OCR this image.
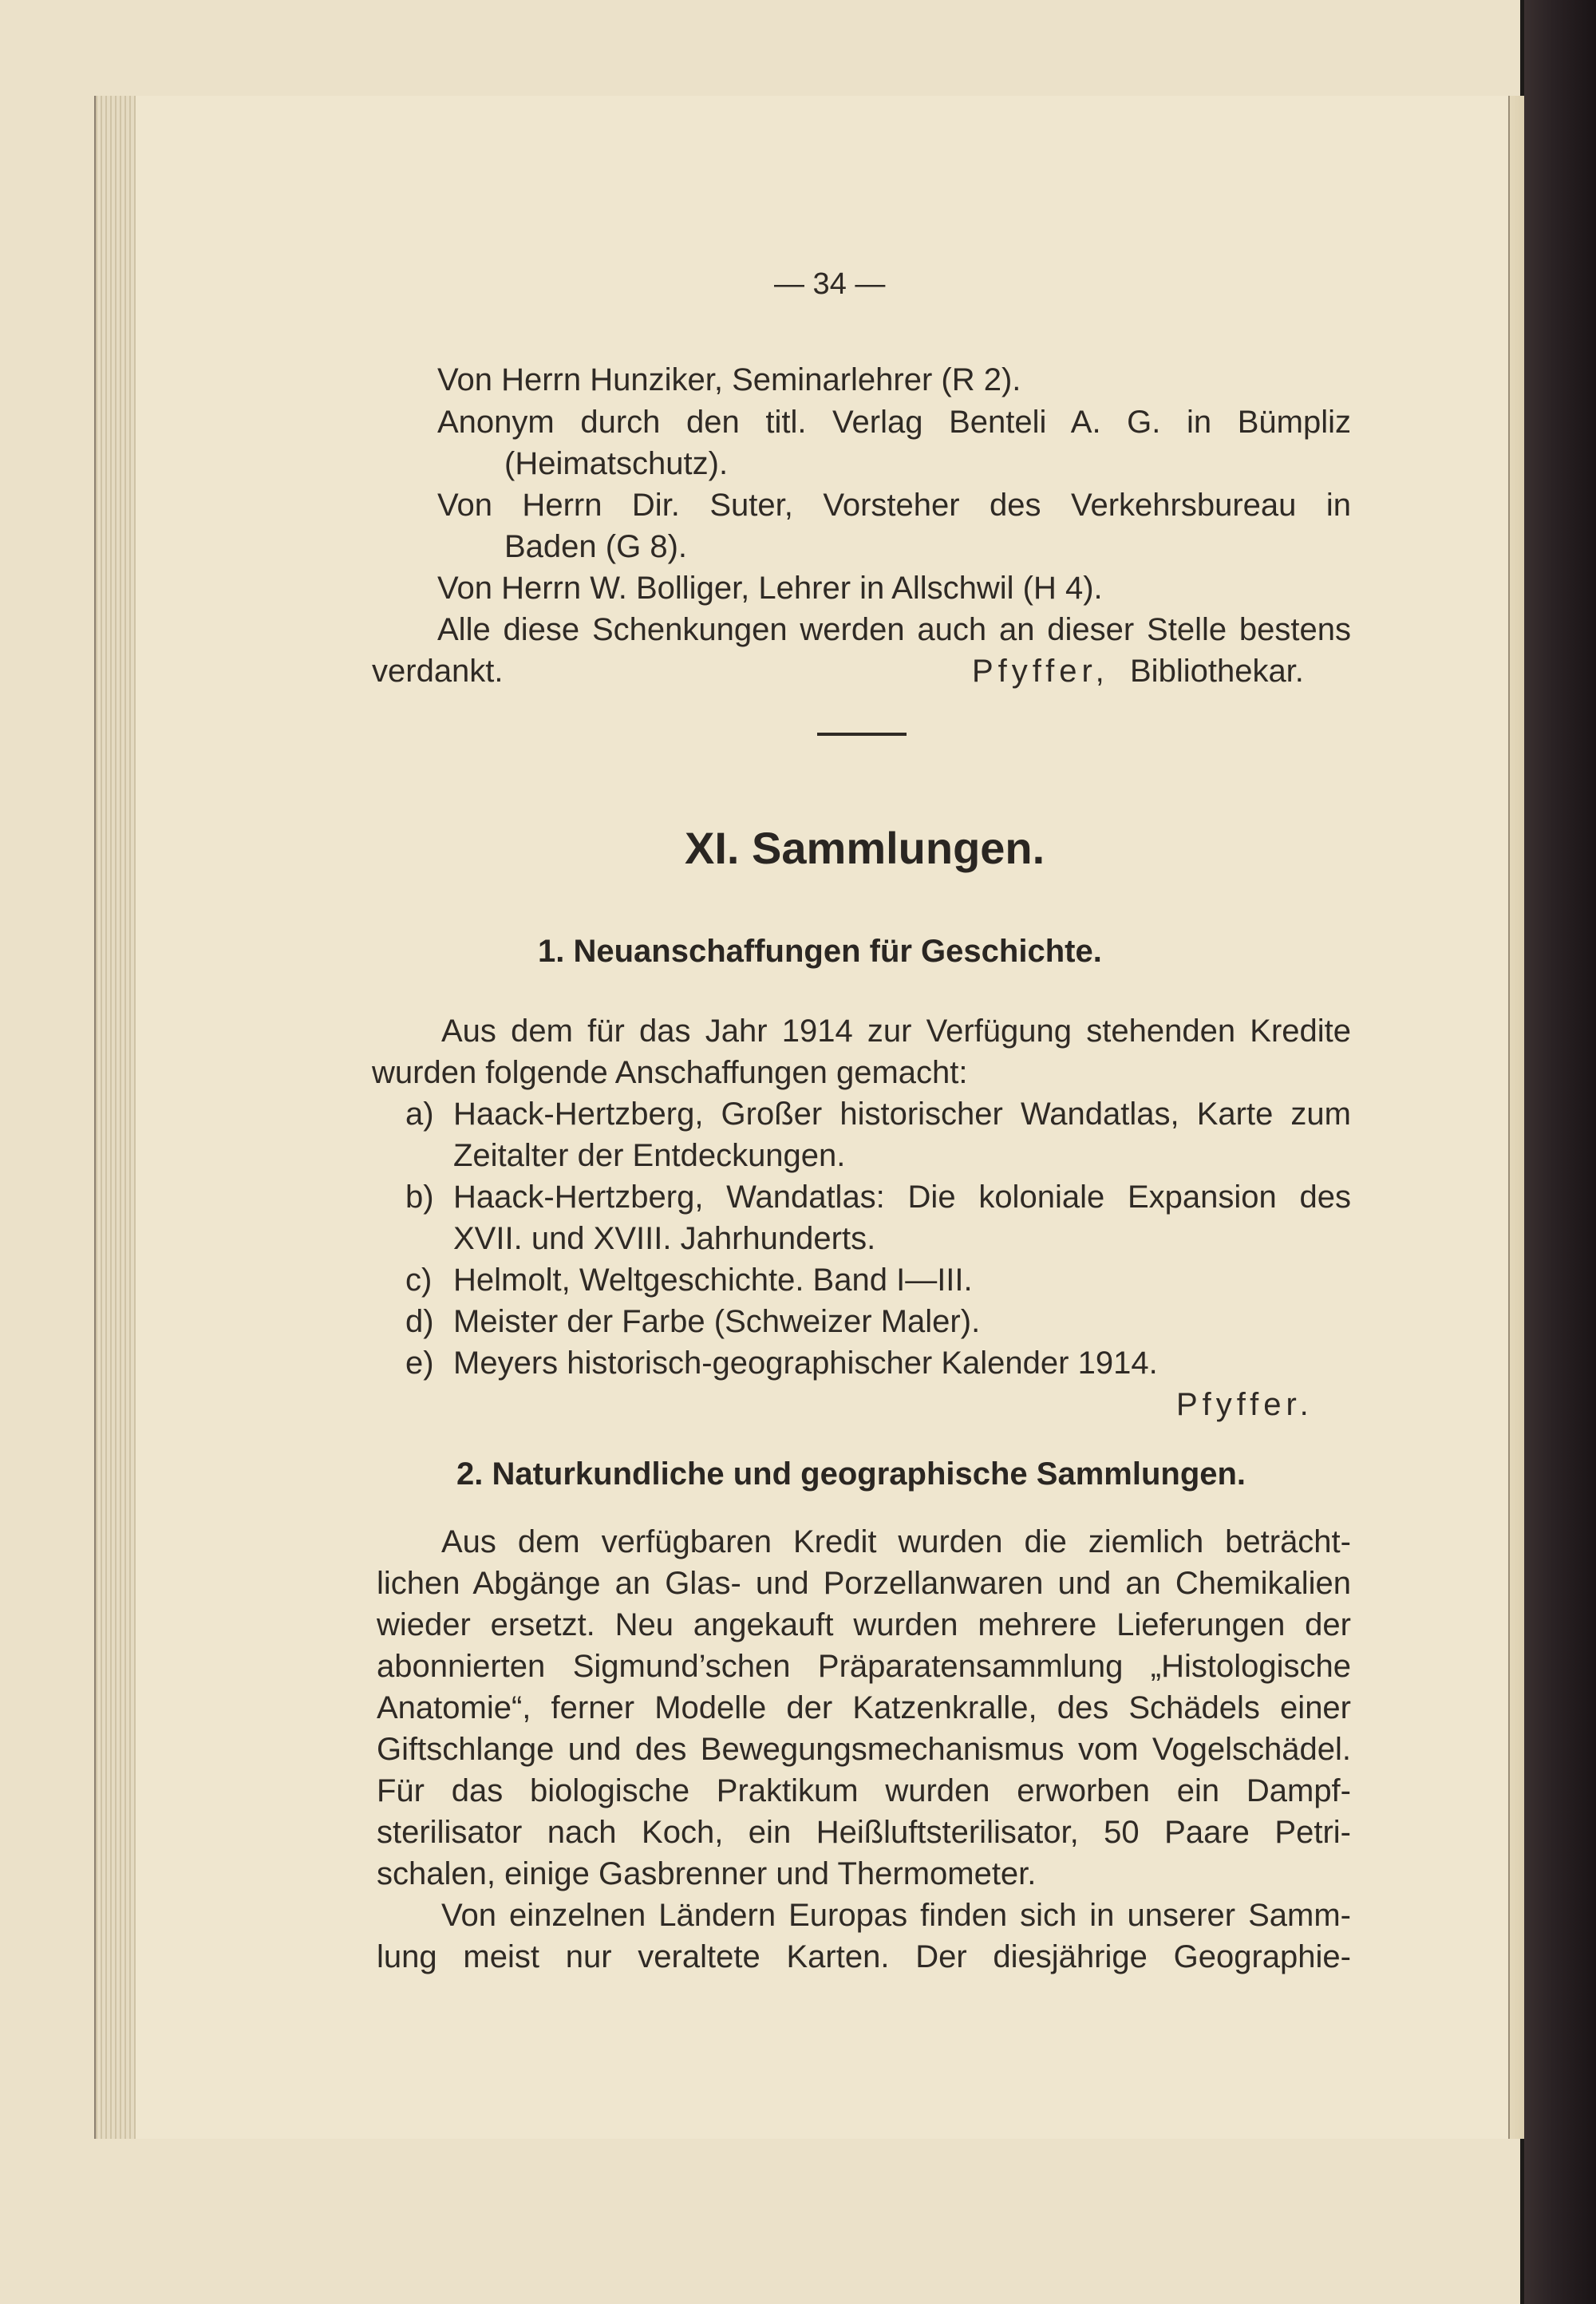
— 34 —
Von Herrn Hunziker, Seminarlehrer (R 2).
Anonym durch den titl. Verlag Benteli A. G. in Bümpliz
(Heimatschutz).
Von Herrn Dir. Suter, Vorsteher des Verkehrsbureau in
Baden (G 8).
Von Herrn W. Bolliger, Lehrer in Allschwil (H 4).
Alle diese Schenkungen werden auch an dieser Stelle bestens
verdankt.	Pfyffer, Bibliothekar.
XI. Sammlungen.
1. Neuanschaffungen für Geschichte.
Aus dem für das Jahr 1914 zur Verfügung stehenden Kredite
wurden folgende Anschaffungen gemacht:
a) Haack-Hertzberg, Großer historischer Wandatlas, Karte zum
Zeitalter der Entdeckungen.
b) Haack-Hertzberg, Wandatlas: Die koloniale Expansion des
XVII. und XVIII. Jahrhunderts.
c) Helmolt, Weltgeschichte. Band I—III.
d) Meister der Farbe (Schweizer Maler).
e) Meyers historisch-geographischer Kalender 1914.
Pfyffer.
2. Naturkundliche und geographische Sammlungen.
Aus dem verfügbaren Kredit wurden die ziemlich beträcht-
lichen Abgänge an Glas- und Porzellanwaren und an Chemikalien
wieder ersetzt. Neu angekauft wurden mehrere Lieferungen der
abonnierten Sigmund’schen Präparatensammlung „Histologische
Anatomie“, ferner Modelle der Katzenkralle, des Schädels einer
Giftschlange und des Bewegungsmechanismus vom Vogelschädel.
Für das biologische Praktikum wurden erworben ein Dampf-
sterilisator nach Koch, ein Heißluftsterilisator, 50 Paare Petri-
schalen, einige Gasbrenner und Thermometer.
Von einzelnen Ländern Europas finden sich in unserer Samm-
lung meist nur veraltete Karten. Der diesjährige Geographie-
